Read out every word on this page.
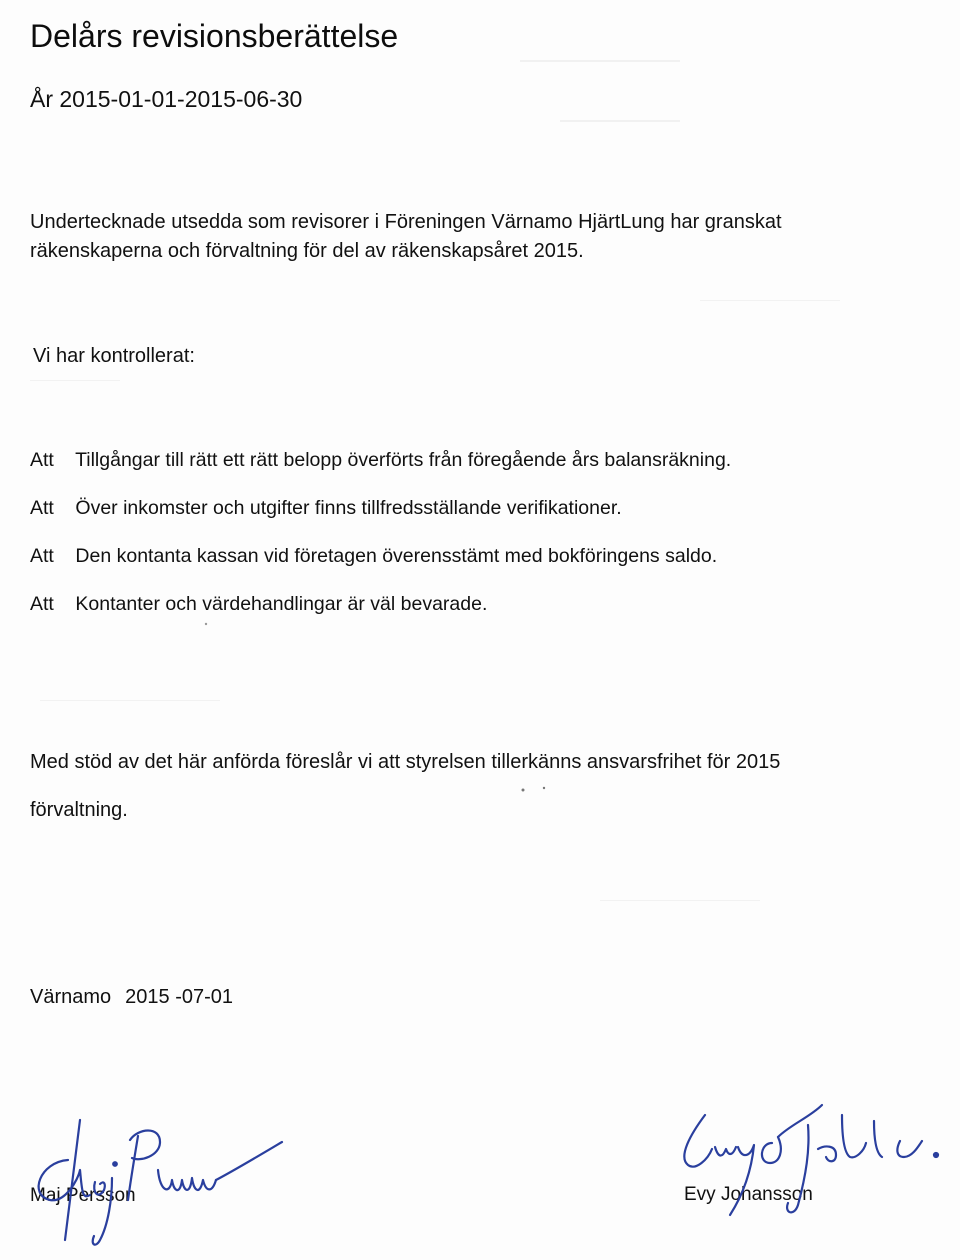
Delårs revisionsberättelse
År 2015-01-01-2015-06-30
Undertecknade utsedda som revisorer i Föreningen Värnamo HjärtLung har granskat
räkenskaperna och förvaltning för del av räkenskapsåret 2015.
Vi har kontrollerat:
Att Tillgångar till rätt ett rätt belopp överförts från föregående års balansräkning.
Att Över inkomster och utgifter finns tillfredsställande verifikationer.
Att Den kontanta kassan vid företagen överensstämt med bokföringens saldo.
Att Kontanter och värdehandlingar är väl bevarade.
Med stöd av det här anförda föreslår vi att styrelsen tillerkänns ansvarsfrihet för 2015
förvaltning.
Värnamo 2015 -07-01
Maj Persson	Evy Johansson
